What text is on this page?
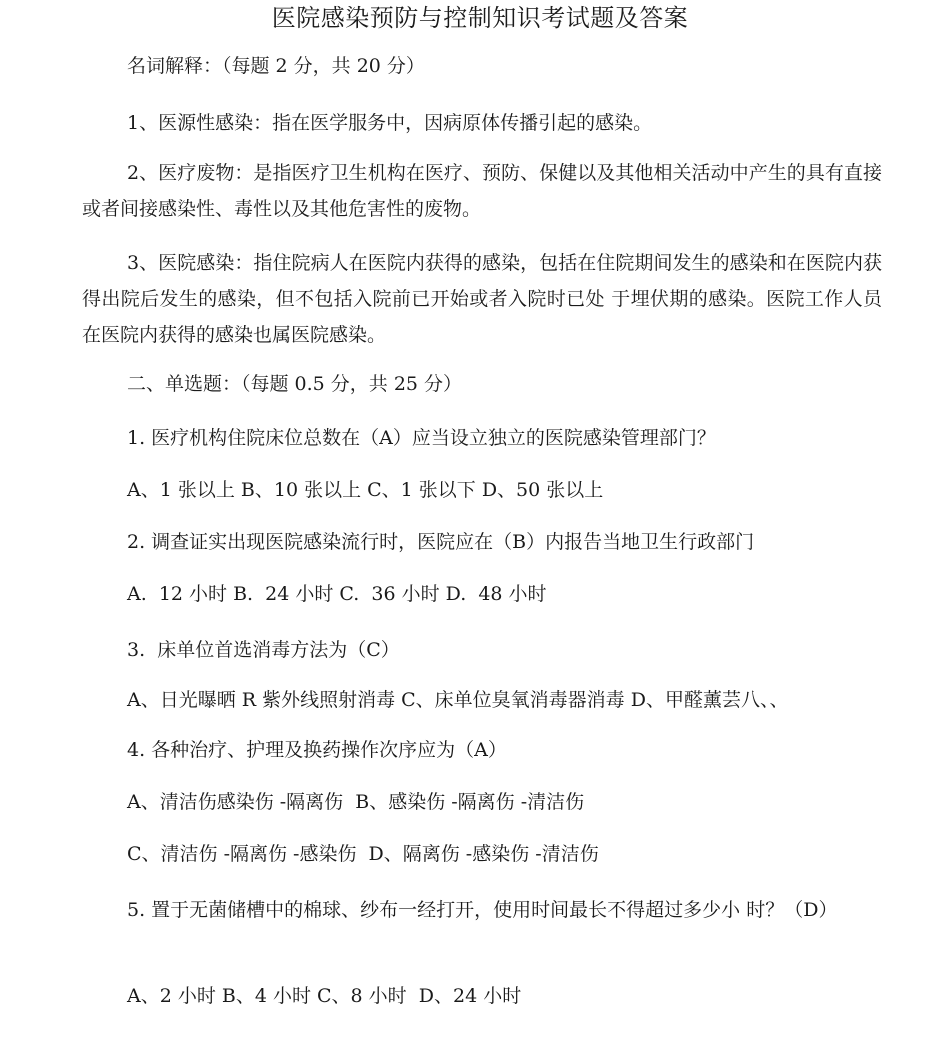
医院感染预防与控制知识考试题及答案
名词解释：（每题 2 分，共 20 分）
1、医源性感染：指在医学服务中，因病原体传播引起的感染。
2、医疗废物：是指医疗卫生机构在医疗、预防、保健以及其他相关活动中产生的具有直接或者间接感染性、毒性以及其他危害性的废物。
3、医院感染：指住院病人在医院内获得的感染，包括在住院期间发生的感染和在医院内获得出院后发生的感染，但不包括入院前已开始或者入院时已处 于埋伏期的感染。医院工作人员在医院内获得的感染也属医院感染。
二、单选题：（每题 0.5 分，共 25 分）
1. 医疗机构住院床位总数在（A）应当设立独立的医院感染管理部门？
A、1 张以上 B、10 张以上 C、1 张以下 D、50 张以上
2. 调查证实出现医院感染流行时，医院应在（B）内报告当地卫生行政部门
A.  12 小时 B.  24 小时 C.  36 小时 D.  48 小时
3.  床单位首选消毒方法为（C）
A、日光曝晒 R 紫外线照射消毒 C、床单位臭氧消毒器消毒 D、甲醛薰芸八、、
4. 各种治疗、护理及换药操作次序应为（A）
A、清洁伤感染伤 -隔离伤  B、感染伤 -隔离伤 -清洁伤
C、清洁伤 -隔离伤 -感染伤  D、隔离伤 -感染伤 -清洁伤
5. 置于无菌储槽中的棉球、纱布一经打开，使用时间最长不得超过多少小 时？（D）
A、2 小时 B、4 小时 C、8 小时  D、24 小时
